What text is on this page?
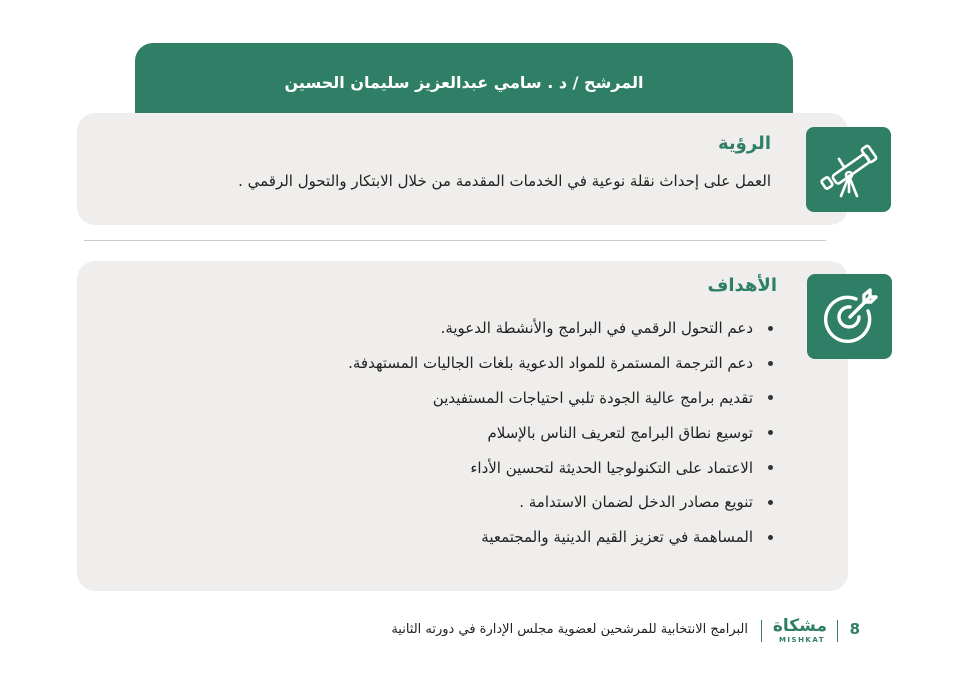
المرشح / د . سامي عبدالعزيز سليمان الحسين
الرؤية
العمل على إحداث نقلة نوعية في الخدمات المقدمة من خلال الابتكار والتحول الرقمي .
الأهداف
دعم التحول الرقمي في البرامج والأنشطة الدعوية.
دعم الترجمة المستمرة للمواد الدعوية بلغات الجاليات المستهدفة.
تقديم برامج عالية الجودة تلبي احتياجات المستفيدين
توسيع نطاق البرامج لتعريف الناس بالإسلام
الاعتماد على التكنولوجيا الحديثة لتحسين الأداء
تنويع مصادر الدخل لضمان الاستدامة .
المساهمة في تعزيز القيم الدينية والمجتمعية
8
مشكاة
MISHKAT
البرامج الانتخابية للمرشحين لعضوية مجلس الإدارة في دورته الثانية
